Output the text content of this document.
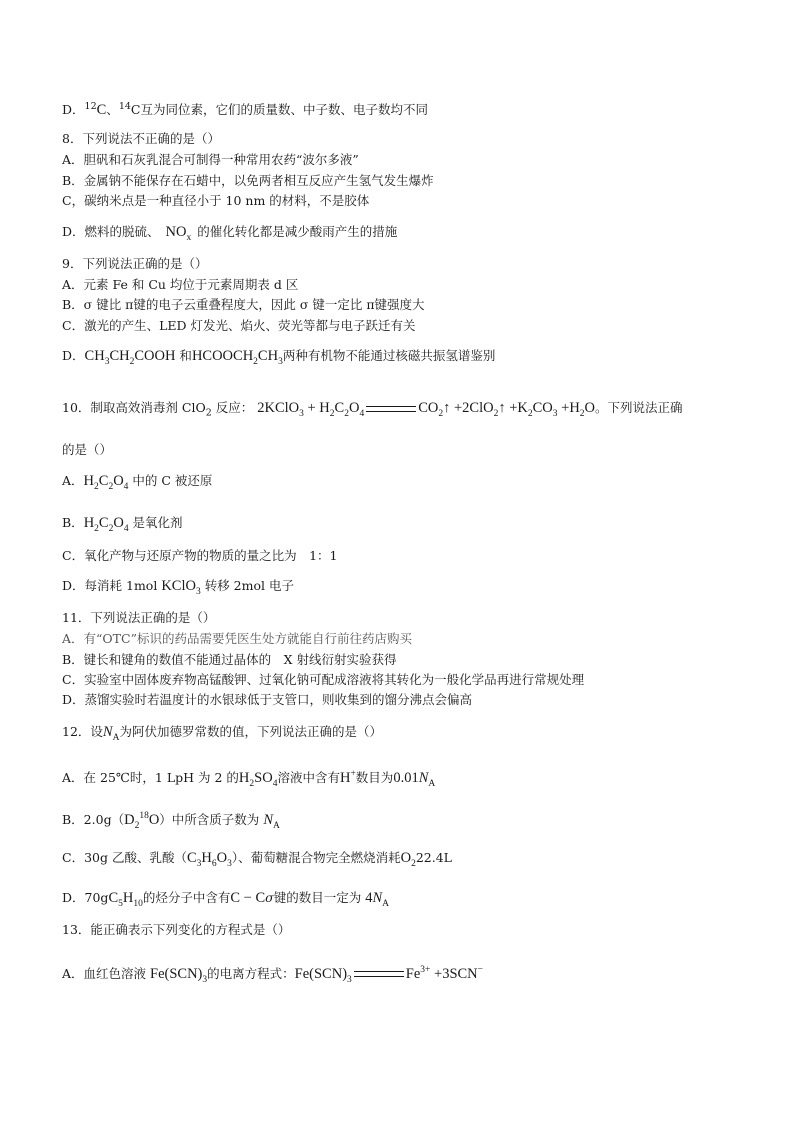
D．$^{12}$C、$^{14}$C互为同位素，它们的质量数、中子数、电子数均不同
8．下列说法不正确的是（）
A．胆矾和石灰乳混合可制得一种常用农药“波尔多液”
B．金属钠不能保存在石蜡中，以免两者相互反应产生氢气发生爆炸
C，碳纳米点是一种直径小于 10 nm 的材料，不是胶体
D．燃料的脱硫、 $NO_x$ 的催化转化都是减少酸雨产生的措施
9．下列说法正确的是（）
A．元素 Fe 和 Cu 均位于元素周期表 d 区
B．σ 键比 π键的电子云重叠程度大，因此 σ 键一定比 π键强度大
C．激光的产生、LED 灯发光、焰火、荧光等都与电子跃迁有关
D．$CH_3CH_2COOH$ 和$HCOOCH_2CH_3$两种有机物不能通过核磁共振氢谱鉴别
10．制取高效消毒剂 ClO$_2$ 反应： 2KClO$_3$ + $H_2C_2O_4$	$CO_2↑$ +2ClO$_2$↑ $+K_2CO_3 +H_2O$。下列说法正确
的是（）
A．$H_2C_2O_4$ 中的 C 被还原
B．$H_2C_2O_4$ 是氧化剂
C．氧化产物与还原产物的物质的量之比为　1：1
D．每消耗 1mol KClO$_3$ 转移 2mol 电子
11．下列说法正确的是（）
A．有“OTC”标识的药品需要凭医生处方就能自行前往药店购买
B．键长和键角的数值不能通过晶体的　X 射线衍射实验获得
C．实验室中固体废弃物高锰酸钾、过氧化钠可配成溶液将其转化为一般化学品再进行常规处理
D．蒸馏实验时若温度计的水银球低于支管口，则收集到的馏分沸点会偏高
12．设$N_A$为阿伏加德罗常数的值，下列说法正确的是（）
A．在 25℃时，1 LpH 为 2 的$H_2SO_4$溶液中含有H+数目为$0.01N_A$
B．$2.0g(D_2^{18}O)$中所含质子数为 $N_A$
C．30g 乙酸、乳酸$(C_3H_6O_3)$、葡萄糖混合物完全燃烧消耗$O_222.4L$
D．$70gC_5H_{10}$的烃分子中含有C − Cσ键的数目一定为 $4N_A$
13．能正确表示下列变化的方程式是（）
A．血红色溶液 $Fe(SCN)_3$的电离方程式：$Fe(SCN)_3$	$Fe^{3+} +3SCN^-$
